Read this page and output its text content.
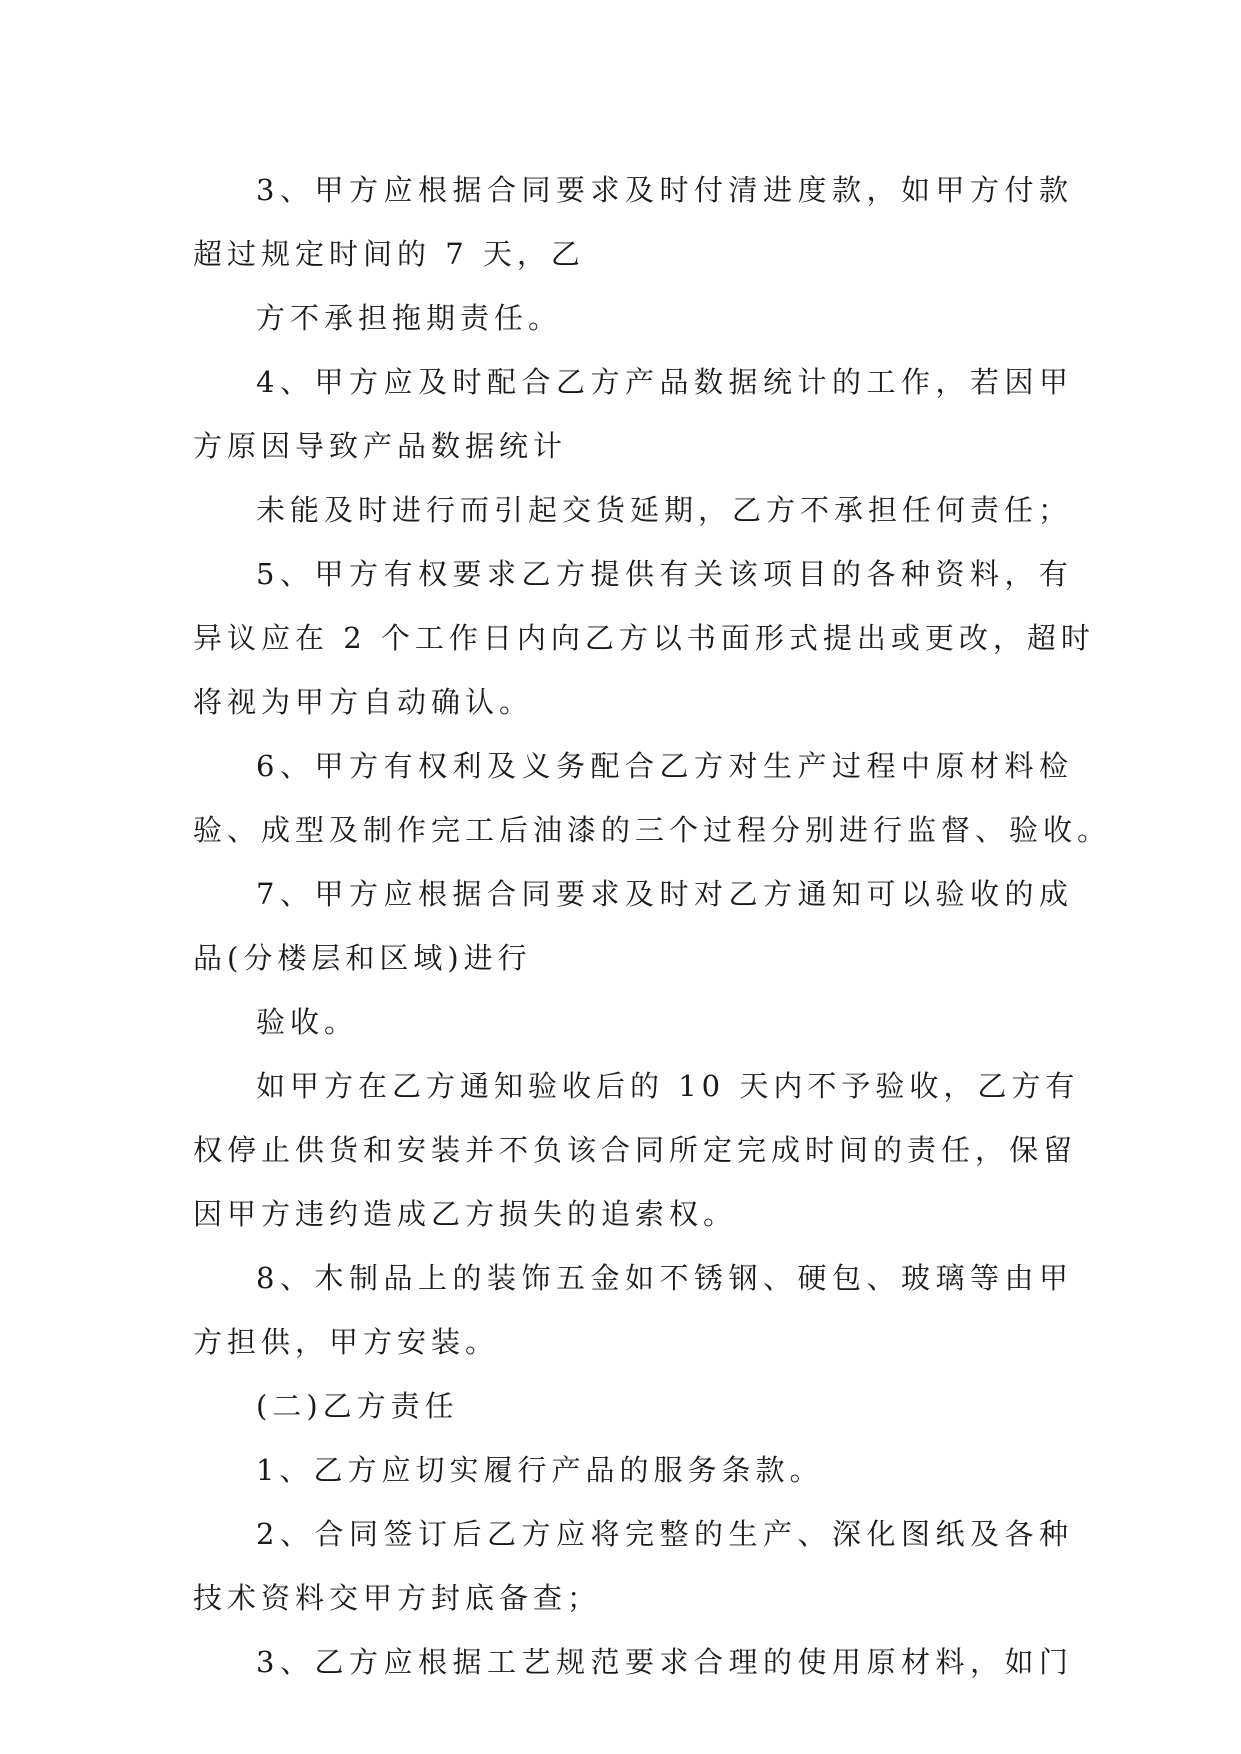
3、甲方应根据合同要求及时付清进度款，如甲方付款
超过规定时间的 7 天，乙
方不承担拖期责任。
4、甲方应及时配合乙方产品数据统计的工作，若因甲
方原因导致产品数据统计
未能及时进行而引起交货延期，乙方不承担任何责任；
5、甲方有权要求乙方提供有关该项目的各种资料，有
异议应在 2 个工作日内向乙方以书面形式提出或更改，超时
将视为甲方自动确认。
6、甲方有权利及义务配合乙方对生产过程中原材料检
验、成型及制作完工后油漆的三个过程分别进行监督、验收。
7、甲方应根据合同要求及时对乙方通知可以验收的成
品(分楼层和区域)进行
验收。
如甲方在乙方通知验收后的 10 天内不予验收，乙方有
权停止供货和安装并不负该合同所定完成时间的责任，保留
因甲方违约造成乙方损失的追索权。
8、木制品上的装饰五金如不锈钢、硬包、玻璃等由甲
方担供，甲方安装。
(二)乙方责任
1、乙方应切实履行产品的服务条款。
2、合同签订后乙方应将完整的生产、深化图纸及各种
技术资料交甲方封底备查；
3、乙方应根据工艺规范要求合理的使用原材料，如门
